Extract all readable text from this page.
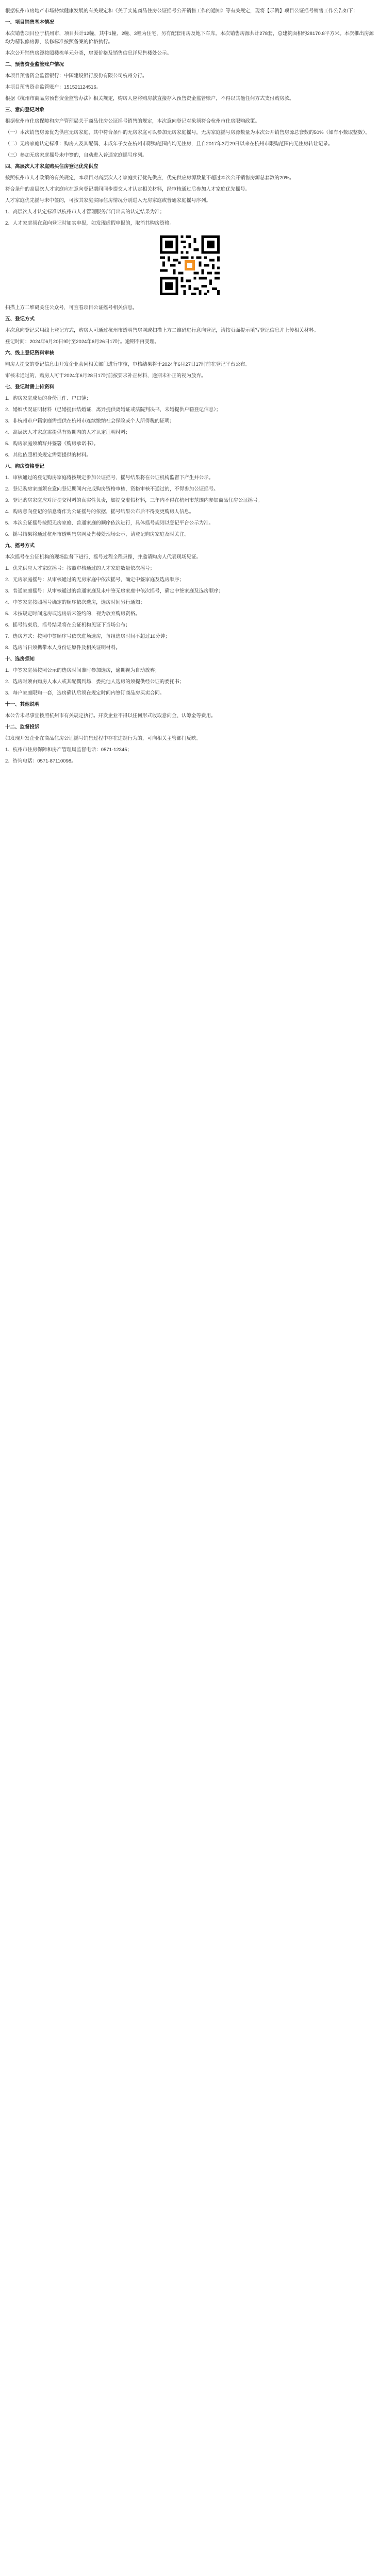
根据杭州市房地产市场持续健康发展的有关规定和《关于实施商品住房公证摇号公开销售工作的通知》等有关规定，现将【示例】项目公证摇号销售工作公告如下：

一、项目销售基本情况

本次销售项目位于杭州市，项目共计12幢，其中1幢、2幢、3幢为住宅，另有配套用房及地下车库。本次销售房源共计278套，总建筑面积约28170.8平方米。本次推出房源均为精装修房源，装修标准按照备案的价格执行。

本次公开销售房源按照楼栋单元分类，房源价格及销售信息详见售楼处公示。

二、预售资金监管账户情况

本项目预售资金监管银行：中国建设银行股份有限公司杭州分行。

本项目预售资金监管账户：151521124516。

根据《杭州市商品房预售资金监管办法》相关规定，购房人应将购房款直接存入预售资金监管账户，不得以其他任何方式支付购房款。

三、意向登记对象

根据杭州市住房保障和房产管理局关于商品住房公证摇号销售的规定，本次意向登记对象须符合杭州市住房限购政策。

（一）本次销售房源优先供应无房家庭，其中符合条件的无房家庭可以参加无房家庭摇号，无房家庭摇号房源数量为本次公开销售房源总套数的50%（如有小数取整数）。

（二）无房家庭认定标准：购房人及其配偶、未成年子女在杭州市限购范围内均无住房，且自2017年3月29日以来在杭州市限购范围内无住房转让记录。

（三）参加无房家庭摇号未中签的，自动进入普通家庭摇号序列。

四、高层次人才家庭购买住房登记优先供应

按照杭州市人才政策的有关规定，本项目对高层次人才家庭实行优先供应，优先供应房源数量不超过本次公开销售房源总套数的20%。

符合条件的高层次人才家庭应在意向登记期间同步提交人才认定相关材料，经审核通过后参加人才家庭优先摇号。

人才家庭优先摇号未中签的，可按其家庭实际住房情况分别进入无房家庭或普通家庭摇号序列。

1、高层次人才认定标准以杭州市人才管理服务部门出具的认定结果为准；

2、人才家庭须在意向登记时如实申报，如发现虚假申报的，取消其购房资格。

扫描上方二维码关注公众号，可查看项目公证摇号相关信息。

五、登记方式

本次意向登记采用线上登记方式，购房人可通过杭州市透明售房网或扫描上方二维码进行意向登记，请按页面提示填写登记信息并上传相关材料。

登记时间：2024年6月20日9时至2024年6月26日17时。逾期不再受理。

六、线上登记资料审核

购房人提交的登记信息由开发企业会同相关部门进行审核，审核结果将于2024年6月27日17时前在登记平台公布。

审核未通过的，购房人可于2024年6月28日17时前按要求补正材料，逾期未补正的视为放弃。

七、登记时需上传资料

1、购房家庭成员的身份证件、户口簿；

2、婚姻状况证明材料（已婚提供结婚证，离异提供离婚证或法院判决书，未婚提供户籍登记信息）；

3、非杭州市户籍家庭需提供在杭州市连续缴纳社会保险或个人所得税的证明；

4、高层次人才家庭需提供有效期内的人才认定证明材料；

5、购房家庭须填写并签署《购房承诺书》。

6、其他依照相关规定需要提供的材料。

八、购房资格登记

1、审核通过的登记购房家庭将按规定参加公证摇号，摇号结果将在公证机构监督下产生并公示。

2、登记购房家庭须在意向登记期间内完成购房资格审核，资格审核不通过的，不得参加公证摇号。

3、登记购房家庭应对所提交材料的真实性负责，如提交虚假材料，三年内不得在杭州市范围内参加商品住房公证摇号。

4、购房意向登记的信息将作为公证摇号的依据，摇号结果公布后不得变更购房人信息。

5、本次公证摇号按照无房家庭、普通家庭的顺序依次进行，具体摇号规则以登记平台公示为准。

6、摇号结果将通过杭州市透明售房网及售楼处现场公示，请登记购房家庭及时关注。

九、摇号方式

本次摇号在公证机构的现场监督下进行，摇号过程全程录像，并邀请购房人代表现场见证。

1、优先供应人才家庭摇号：按照审核通过的人才家庭数量依次摇号；

2、无房家庭摇号：从审核通过的无房家庭中依次摇号，确定中签家庭及选房顺序；

3、普通家庭摇号：从审核通过的普通家庭及未中签无房家庭中依次摇号，确定中签家庭及选房顺序；

4、中签家庭按照摇号确定的顺序依次选房，选房时间另行通知；

5、未按规定时间选房或选房后未签约的，视为放弃购房资格。

6、摇号结束后，摇号结果将在公证机构见证下当场公布；

7、选房方式：按照中签顺序号依次进场选房，每组选房时间不超过10分钟；

8、选房当日须携带本人身份证原件及相关证明材料。

十、选房须知

1、中签家庭须按照公示的选房时间准时参加选房，逾期视为自动放弃；

2、选房时须由购房人本人或其配偶到场，委托他人选房的须提供经公证的委托书；

3、每户家庭限购一套，选房确认后须在规定时间内签订商品房买卖合同。

十一、其他说明

本公告未尽事宜按照杭州市有关规定执行。开发企业不得以任何形式收取意向金、认筹金等费用。

十二、监督投诉

如发现开发企业在商品住房公证摇号销售过程中存在违规行为的，可向相关主管部门反映。

1、杭州市住房保障和房产管理局监督电话：0571-12345；

2、咨询电话：0571-87110098。
